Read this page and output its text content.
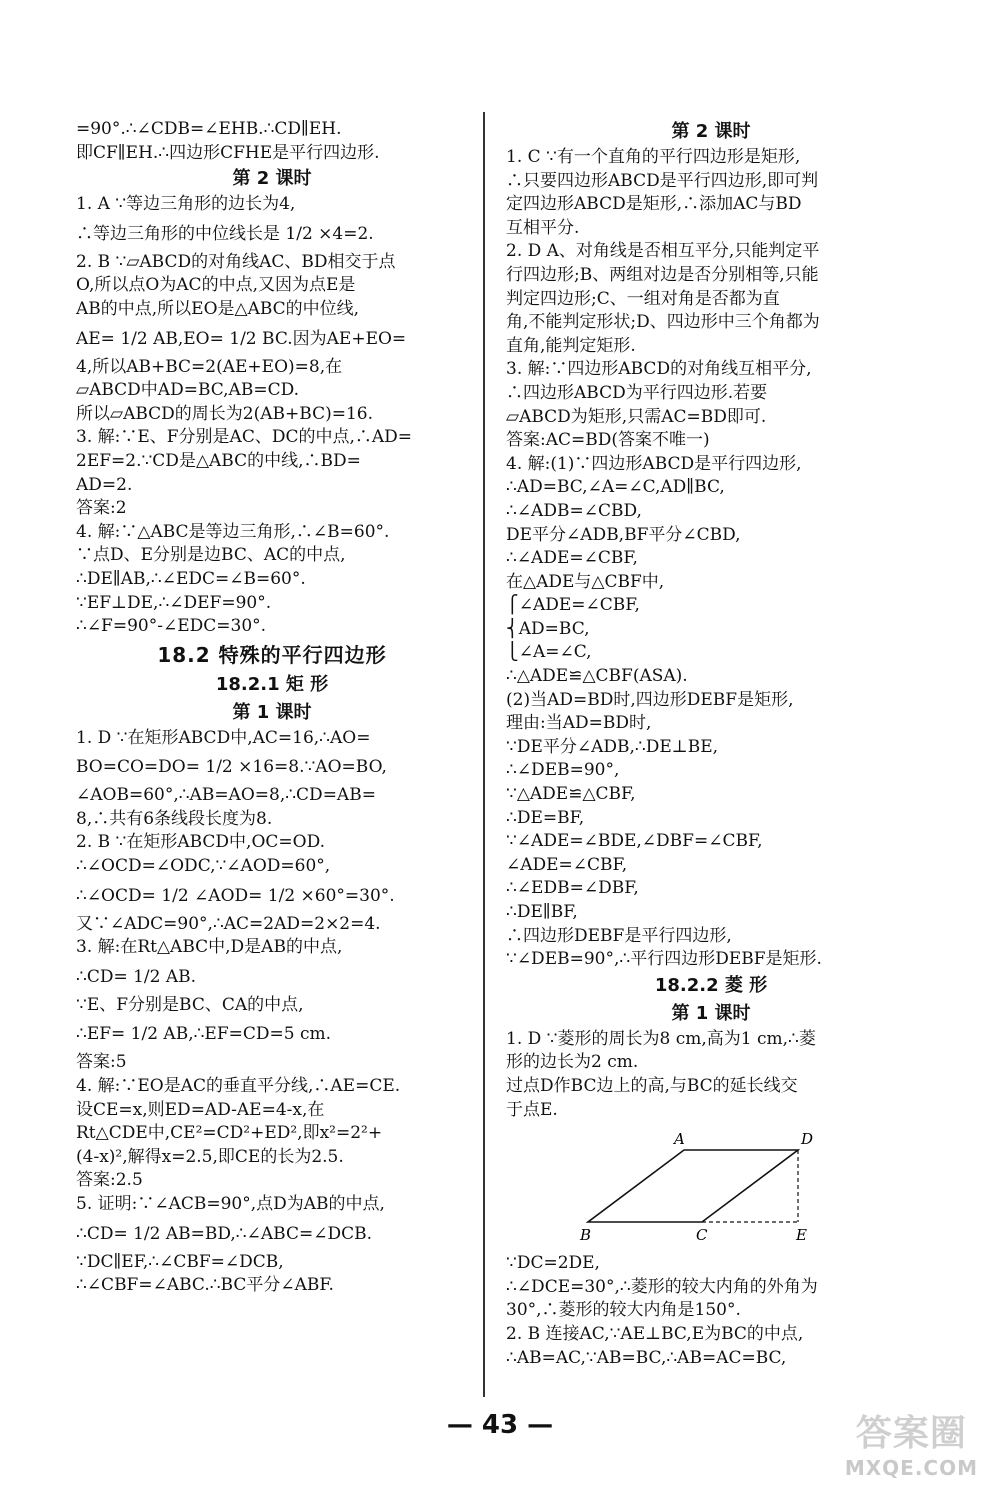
=90°.∴∠CDB=∠EHB.∴CD∥EH.
即CF∥EH.∴四边形CFHE是平行四边形.
第 2 课时
1. A ∵等边三角形的边长为4,
∴等边三角形的中位线长是 1/2 ×4=2.
2. B ∵▱ABCD的对角线AC、BD相交于点
O,所以点O为AC的中点,又因为点E是
AB的中点,所以EO是△ABC的中位线,
AE= 1/2 AB,EO= 1/2 BC.因为AE+EO=
4,所以AB+BC=2(AE+EO)=8,在
▱ABCD中AD=BC,AB=CD.
所以▱ABCD的周长为2(AB+BC)=16.
3. 解:∵E、F分别是AC、DC的中点,∴AD=
2EF=2.∵CD是△ABC的中线,∴BD=
AD=2.
答案:2
4. 解:∵△ABC是等边三角形,∴∠B=60°.
∵点D、E分别是边BC、AC的中点,
∴DE∥AB,∴∠EDC=∠B=60°.
∵EF⊥DE,∴∠DEF=90°.
∴∠F=90°-∠EDC=30°.
18.2 特殊的平行四边形
18.2.1 矩 形
第 1 课时
1. D ∵在矩形ABCD中,AC=16,∴AO=
BO=CO=DO= 1/2 ×16=8.∵AO=BO,
∠AOB=60°,∴AB=AO=8,∴CD=AB=
8,∴共有6条线段长度为8.
2. B ∵在矩形ABCD中,OC=OD.
∴∠OCD=∠ODC,∵∠AOD=60°,
∴∠OCD= 1/2 ∠AOD= 1/2 ×60°=30°.
又∵∠ADC=90°,∴AC=2AD=2×2=4.
3. 解:在Rt△ABC中,D是AB的中点,
∴CD= 1/2 AB.
∵E、F分别是BC、CA的中点,
∴EF= 1/2 AB,∴EF=CD=5 cm.
答案:5
4. 解:∵EO是AC的垂直平分线,∴AE=CE.
设CE=x,则ED=AD-AE=4-x,在
Rt△CDE中,CE²=CD²+ED²,即x²=2²+
(4-x)²,解得x=2.5,即CE的长为2.5.
答案:2.5
5. 证明:∵∠ACB=90°,点D为AB的中点,
∴CD= 1/2 AB=BD,∴∠ABC=∠DCB.
∵DC∥EF,∴∠CBF=∠DCB,
∴∠CBF=∠ABC.∴BC平分∠ABF.
第 2 课时
1. C ∵有一个直角的平行四边形是矩形,
∴只要四边形ABCD是平行四边形,即可判
定四边形ABCD是矩形,∴添加AC与BD
互相平分.
2. D A、对角线是否相互平分,只能判定平
行四边形;B、两组对边是否分别相等,只能
判定四边形;C、一组对角是否都为直
角,不能判定形状;D、四边形中三个角都为
直角,能判定矩形.
3. 解:∵四边形ABCD的对角线互相平分,
∴四边形ABCD为平行四边形.若要
▱ABCD为矩形,只需AC=BD即可.
答案:AC=BD(答案不唯一)
4. 解:(1)∵四边形ABCD是平行四边形,
∴AD=BC,∠A=∠C,AD∥BC,
∴∠ADB=∠CBD,
DE平分∠ADB,BF平分∠CBD,
∴∠ADE=∠CBF,
在△ADE与△CBF中,
⎧∠ADE=∠CBF,
⎨AD=BC,
⎩∠A=∠C,
∴△ADE≌△CBF(ASA).
(2)当AD=BD时,四边形DEBF是矩形,
理由:当AD=BD时,
∵DE平分∠ADB,∴DE⊥BE,
∴∠DEB=90°,
∵△ADE≌△CBF,
∴DE=BF,
∵∠ADE=∠BDE,∠DBF=∠CBF,
∠ADE=∠CBF,
∴∠EDB=∠DBF,
∴DE∥BF,
∴四边形DEBF是平行四边形,
∵∠DEB=90°,∴平行四边形DEBF是矩形.
18.2.2 菱 形
第 1 课时
1. D ∵菱形的周长为8 cm,高为1 cm,∴菱
形的边长为2 cm.
过点D作BC边上的高,与BC的延长线交
于点E.
A	D
B	C	E
∵DC=2DE,
∴∠DCE=30°,∴菱形的较大内角的外角为
30°,∴菱形的较大内角是150°.
2. B 连接AC,∵AE⊥BC,E为BC的中点,
∴AB=AC,∵AB=BC,∴AB=AC=BC,
— 43 —	答案圈
MXQE.COM
